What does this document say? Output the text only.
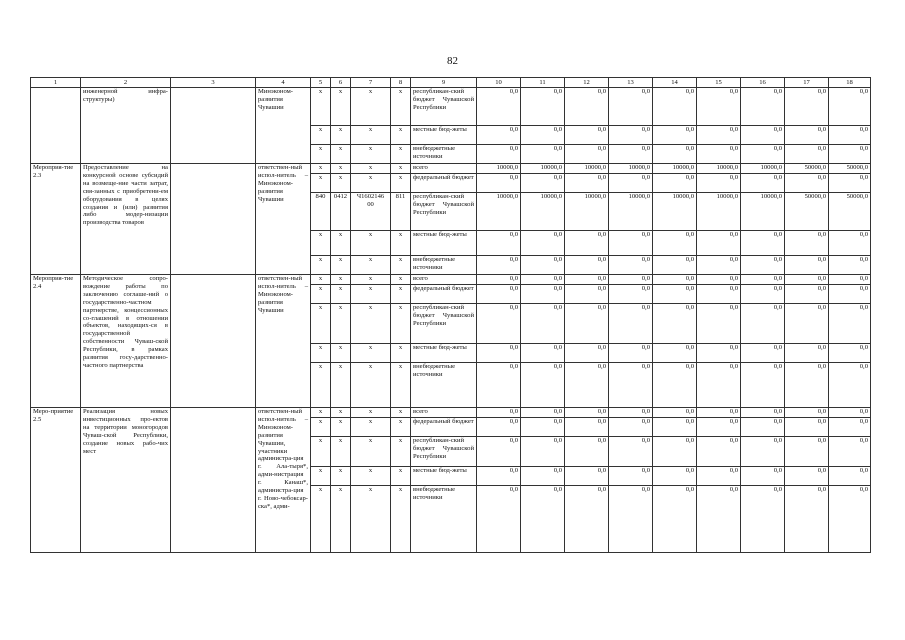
82
1	2	3	4	5	6	7	8	9	10	11	12	13	14	15	16	17	18
	инженерной инфра-структуры)		Минэконом-развития Чувашии	x	x	x	x	республикан-ский бюджет Чувашской Республики	0,0	0,0	0,0	0,0	0,0	0,0	0,0	0,0	0,0
				x	x	x	x	местные бюд-жеты	0,0	0,0	0,0	0,0	0,0	0,0	0,0	0,0	0,0
				x	x	x	x	внебюджетные источники	0,0	0,0	0,0	0,0	0,0	0,0	0,0	0,0	0,0
Мероприя-тие 2.3	Предоставление на конкурсной основе субсидий на возмеще-ние части затрат, свя-занных с приобретени-ем оборудования в целях создания и (или) развития либо модер-низации производства товаров		ответствен-ный испол-нитель – Минэконом-развития Чувашии	x	x	x	x	всего	10000,0	10000,0	10000,0	10000,0	10000,0	10000,0	10000,0	50000,0	50000,0
				x	x	x	x	федеральный бюджет	0,0	0,0	0,0	0,0	0,0	0,0	0,0	0,0	0,0
				840	0412	Ч1602146 00	811	республикан-ский бюджет Чувашской Республики	10000,0	10000,0	10000,0	10000,0	10000,0	10000,0	10000,0	50000,0	50000,0
				x	x	x	x	местные бюд-жеты	0,0	0,0	0,0	0,0	0,0	0,0	0,0	0,0	0,0
				x	x	x	x	внебюджетные источники	0,0	0,0	0,0	0,0	0,0	0,0	0,0	0,0	0,0
Мероприя-тие 2.4	Методическое сопро-вождение работы по заключению соглаше-ний о государственно-частном партнерстве, концессионных со-глашений в отношении объектов, находящих-ся в государственной собственности Чуваш-ской Республики, в рамках развития госу-дарственно-частного партнерства		ответствен-ный испол-нитель – Минэконом-развития Чувашии	x	x	x	x	всего	0,0	0,0	0,0	0,0	0,0	0,0	0,0	0,0	0,0
				x	x	x	x	федеральный бюджет	0,0	0,0	0,0	0,0	0,0	0,0	0,0	0,0	0,0
				x	x	x	x	республикан-ский бюджет Чувашской Республики	0,0	0,0	0,0	0,0	0,0	0,0	0,0	0,0	0,0
				x	x	x	x	местные бюд-жеты	0,0	0,0	0,0	0,0	0,0	0,0	0,0	0,0	0,0
				x	x	x	x	внебюджетные источники	0,0	0,0	0,0	0,0	0,0	0,0	0,0	0,0	0,0
Меро-приятие 2.5	Реализация новых инвестиционных про-ектов на территории моногородов Чуваш-ской Республики, создание новых рабо-чих мест		ответствен-ный испол-нитель – Минэконом-развития Чувашии, участники администра-ция г. Ала-тыря*, адми-нистрация г. Канаш*, администра-ция г. Ново-чебоксар-ска*, адми-	x	x	x	x	всего	0,0	0,0	0,0	0,0	0,0	0,0	0,0	0,0	0,0
				x	x	x	x	федеральный бюджет	0,0	0,0	0,0	0,0	0,0	0,0	0,0	0,0	0,0
				x	x	x	x	республикан-ский бюджет Чувашской Республики	0,0	0,0	0,0	0,0	0,0	0,0	0,0	0,0	0,0
				x	x	x	x	местные бюд-жеты	0,0	0,0	0,0	0,0	0,0	0,0	0,0	0,0	0,0
				x	x	x	x	внебюджетные источники	0,0	0,0	0,0	0,0	0,0	0,0	0,0	0,0	0,0
